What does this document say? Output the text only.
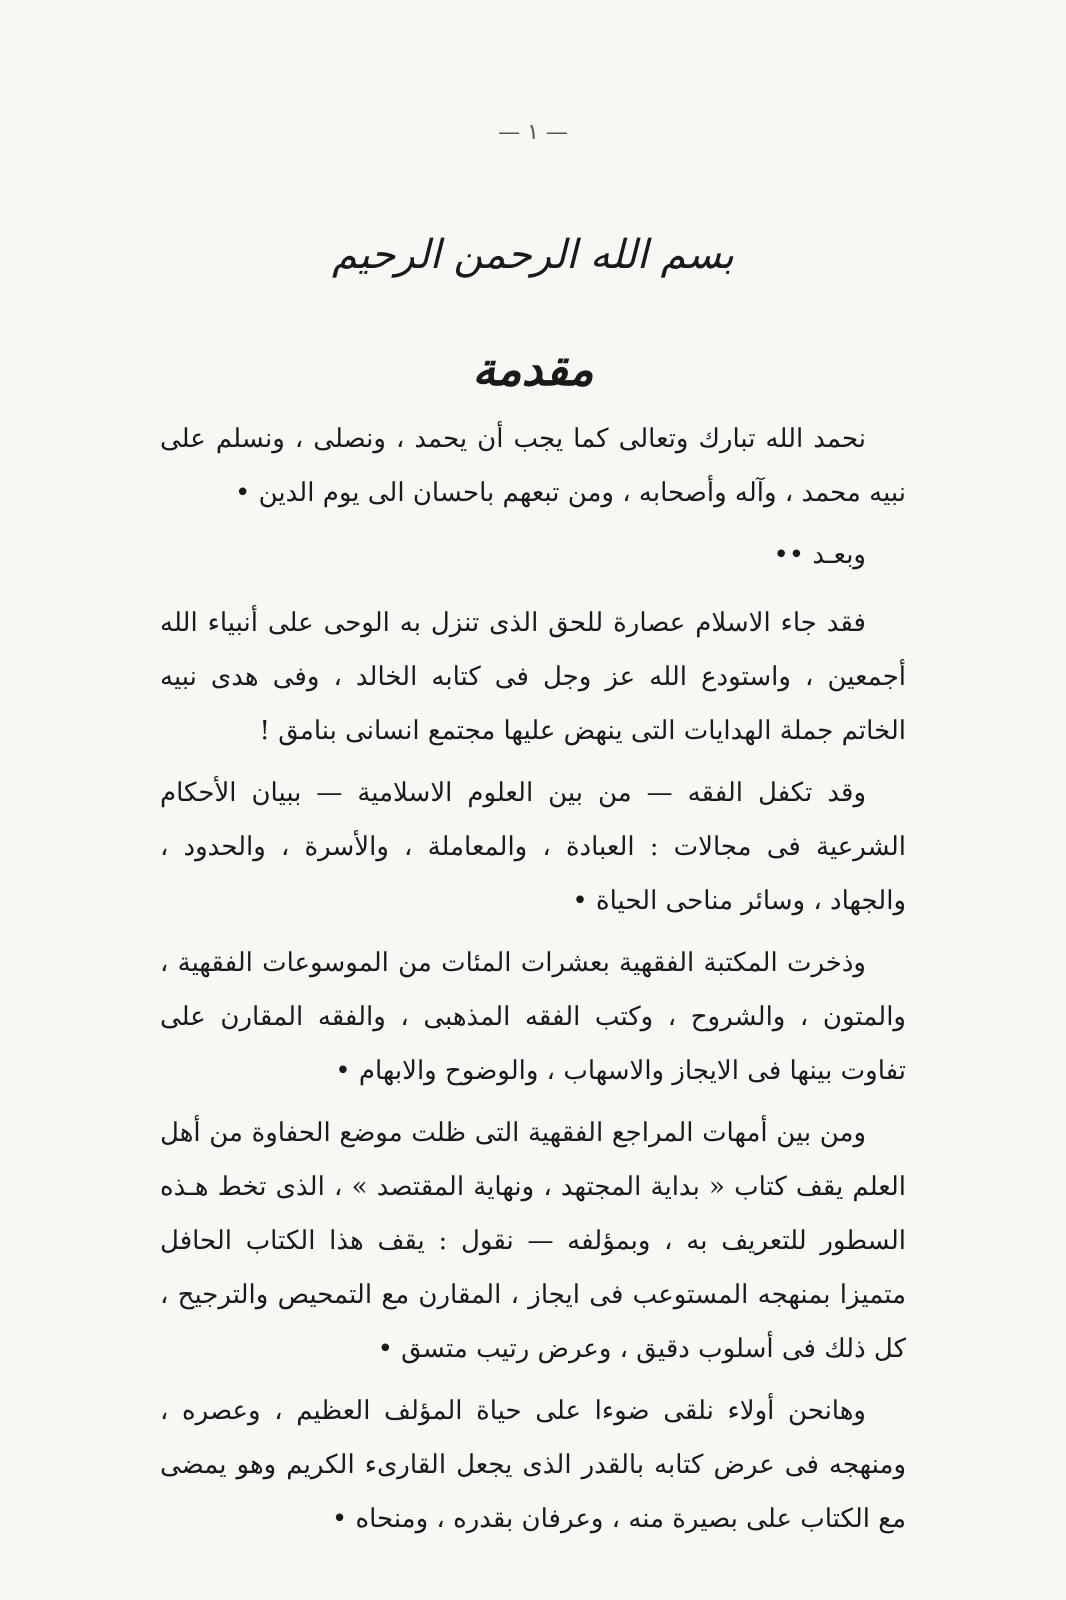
— ١ —
بسم الله الرحمن الرحيم
مقدمة

نحمد الله تبارك وتعالى كما يجب أن يحمد ، ونصلى ، ونسلم على نبيه محمد ، وآله وأصحابه ، ومن تبعهم باحسان الى يوم الدين •

وبعـد ••

فقد جاء الاسلام عصارة للحق الذى تنزل به الوحى على أنبياء الله أجمعين ، واستودع الله عز وجل فى كتابه الخالد ، وفى هدى نبيه الخاتم جملة الهدايات التى ينهض عليها مجتمع انسانى بنامق !

وقد تكفل الفقه — من بين العلوم الاسلامية — ببيان الأحكام الشرعية فى مجالات : العبادة ، والمعاملة ، والأسرة ، والحدود ، والجهاد ، وسائر مناحى الحياة •

وذخرت المكتبة الفقهية بعشرات المئات من الموسوعات الفقهية ، والمتون ، والشروح ، وكتب الفقه المذهبى ، والفقه المقارن على تفاوت بينها فى الايجاز والاسهاب ، والوضوح والابهام •

ومن بين أمهات المراجع الفقهية التى ظلت موضع الحفاوة من أهل العلم يقف كتاب « بداية المجتهد ، ونهاية المقتصد » ، الذى تخط هـذه السطور للتعريف به ، وبمؤلفه — نقول : يقف هذا الكتاب الحافل متميزا بمنهجه المستوعب فى ايجاز ، المقارن مع التمحيص والترجيح ، كل ذلك فى أسلوب دقيق ، وعرض رتيب متسق •

وهانحن أولاء نلقى ضوءا على حياة المؤلف العظيم ، وعصره ، ومنهجه فى عرض كتابه بالقدر الذى يجعل القارىء الكريم وهو يمضى مع الكتاب على بصيرة منه ، وعرفان بقدره ، ومنحاه •
